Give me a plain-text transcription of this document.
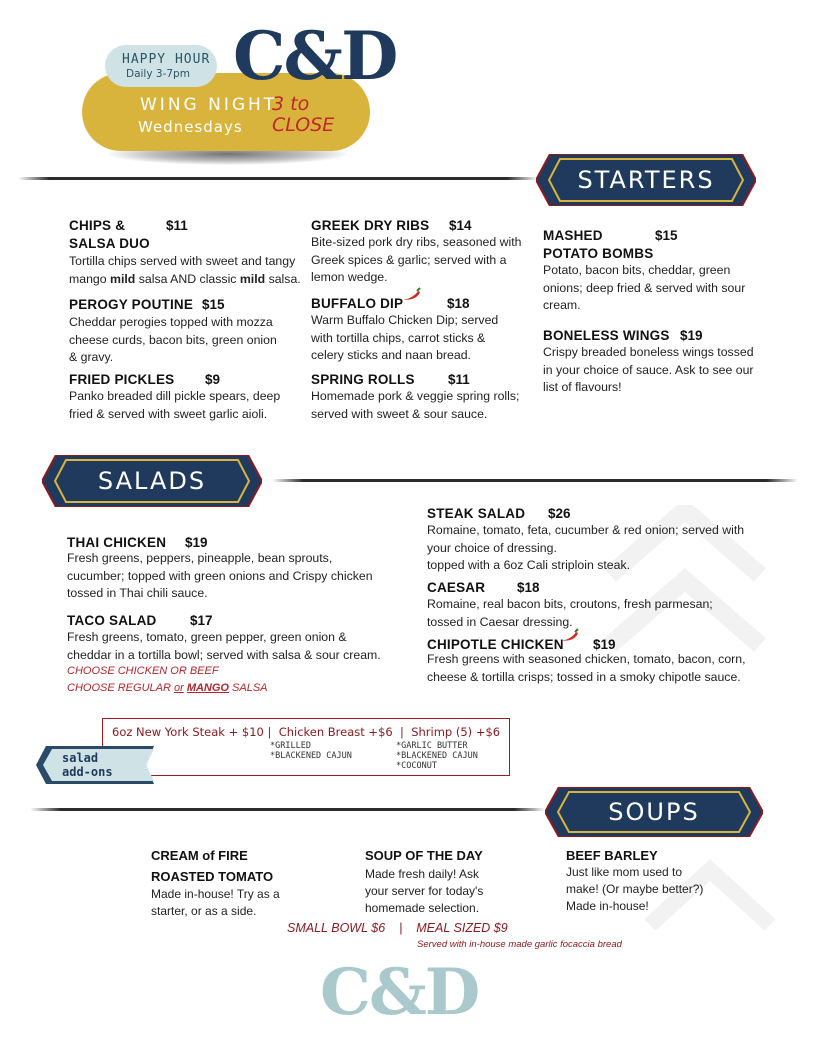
HAPPY HOUR
Daily 3-7pm C&D
WING NIGHT
Wednesdays
3 to
CLOSE
STARTERS
CHIPS &	$11
SALSA DUO
Tortilla chips served with sweet and tangy mango mild salsa AND classic mild salsa.
PEROGY POUTINE $15
Cheddar perogies topped with mozza cheese curds, bacon bits, green onion & gravy.
FRIED PICKLES $9
Panko breaded dill pickle spears, deep fried & served with sweet garlic aioli.
GREEK DRY RIBS $14
Bite-sized pork dry ribs, seasoned with Greek spices & garlic; served with a lemon wedge.
BUFFALO DIP	$18
Warm Buffalo Chicken Dip; served with tortilla chips, carrot sticks & celery sticks and naan bread.
SPRING ROLLS $11
Homemade pork & veggie spring rolls; served with sweet & sour sauce.
MASHED	$15
POTATO BOMBS
Potato, bacon bits, cheddar, green onions; deep fried & served with sour cream.
BONELESS WINGS $19
Crispy breaded boneless wings tossed in your choice of sauce. Ask to see our list of flavours!
SALADS
THAI CHICKEN $19
Fresh greens, peppers, pineapple, bean sprouts, cucumber; topped with green onions and Crispy chicken tossed in Thai chili sauce.
TACO SALAD $17
Fresh greens, tomato, green pepper, green onion & cheddar in a tortilla bowl; served with salsa & sour cream.
CHOOSE CHICKEN OR BEEF
CHOOSE REGULAR or MANGO SALSA
STEAK SALAD $26
Romaine, tomato, feta, cucumber & red onion; served with your choice of dressing.
topped with a 6oz Cali striploin steak.
CAESAR $18
Romaine, real bacon bits, croutons, fresh parmesan; tossed in Caesar dressing.
CHIPOTLE CHICKEN $19
Fresh greens with seasoned chicken, tomato, bacon, corn, cheese & tortilla crisps; tossed in a smoky chipotle sauce.
6oz New York Steak + $10 |  Chicken Breast +$6  |  Shrimp (5) +$6
*GRILLED
*BLACKENED CAJUN
*GARLIC BUTTER
*BLACKENED CAJUN
*COCONUT
salad
add-ons
SOUPS
CREAM of FIRE
ROASTED TOMATO
Made in-house! Try as a starter, or as a side.
SOUP OF THE DAY
Made fresh daily! Ask your server for today's homemade selection.
BEEF BARLEY
Just like mom used to make! (Or maybe better?) Made in-house!
SMALL BOWL $6    |    MEAL SIZED $9
Served with in-house made garlic focaccia bread
C&D
